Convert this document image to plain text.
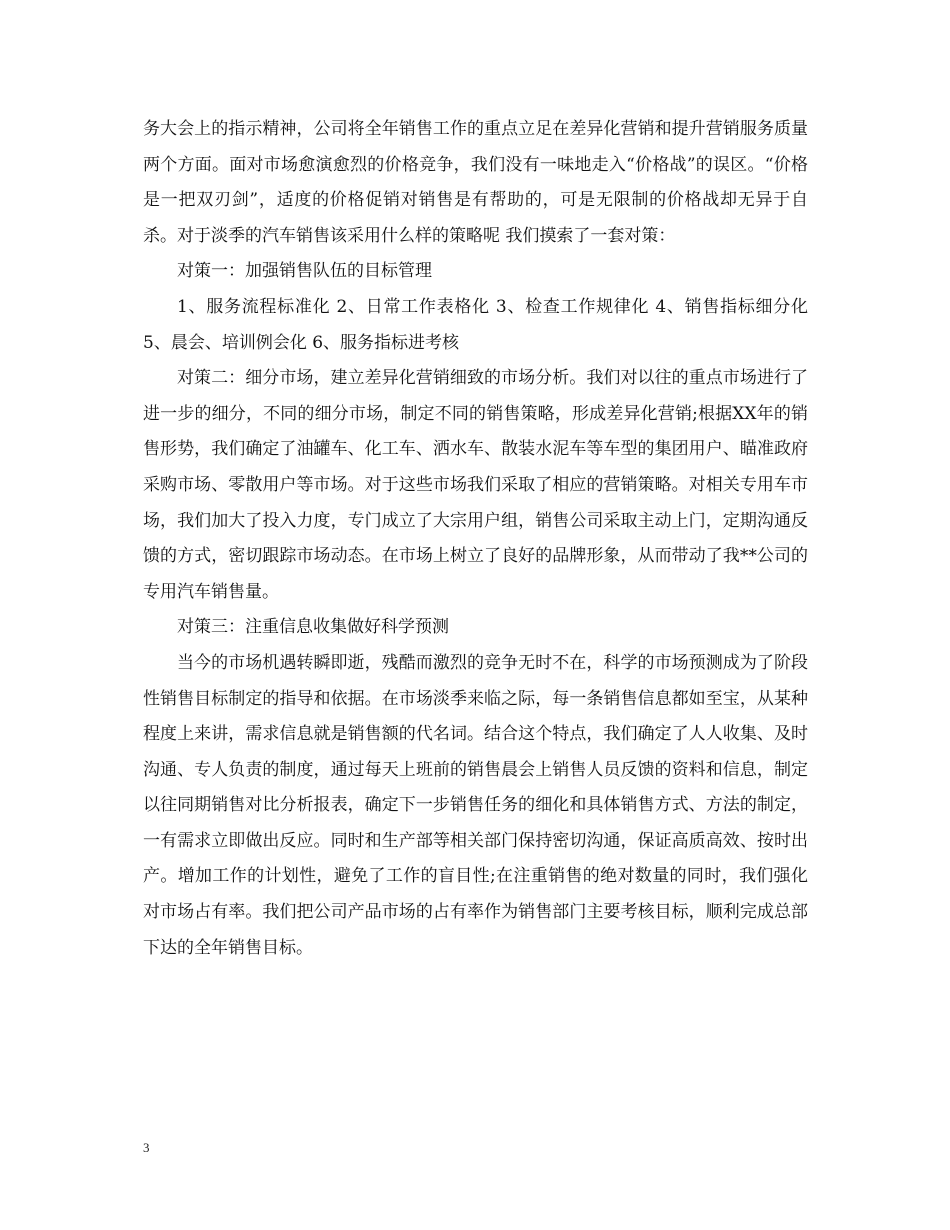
务大会上的指示精神，公司将全年销售工作的重点立足在差异化营销和提升营销服务质量两个方面。面对市场愈演愈烈的价格竞争，我们没有一味地走入“价格战”的误区。“价格是一把双刃剑”，适度的价格促销对销售是有帮助的，可是无限制的价格战却无异于自杀。对于淡季的汽车销售该采用什么样的策略呢 我们摸索了一套对策：

对策一：加强销售队伍的目标管理

1、服务流程标准化 2、日常工作表格化 3、检查工作规律化 4、销售指标细分化 5、晨会、培训例会化 6、服务指标进考核

对策二：细分市场，建立差异化营销细致的市场分析。我们对以往的重点市场进行了进一步的细分，不同的细分市场，制定不同的销售策略，形成差异化营销;根据XX年的销售形势，我们确定了油罐车、化工车、洒水车、散装水泥车等车型的集团用户、瞄准政府采购市场、零散用户等市场。对于这些市场我们采取了相应的营销策略。对相关专用车市场，我们加大了投入力度，专门成立了大宗用户组，销售公司采取主动上门，定期沟通反馈的方式，密切跟踪市场动态。在市场上树立了良好的品牌形象，从而带动了我**公司的专用汽车销售量。

对策三：注重信息收集做好科学预测

当今的市场机遇转瞬即逝，残酷而激烈的竞争无时不在，科学的市场预测成为了阶段性销售目标制定的指导和依据。在市场淡季来临之际，每一条销售信息都如至宝，从某种程度上来讲，需求信息就是销售额的代名词。结合这个特点，我们确定了人人收集、及时沟通、专人负责的制度，通过每天上班前的销售晨会上销售人员反馈的资料和信息，制定以往同期销售对比分析报表，确定下一步销售任务的细化和具体销售方式、方法的制定，一有需求立即做出反应。同时和生产部等相关部门保持密切沟通，保证高质高效、按时出产。增加工作的计划性，避免了工作的盲目性;在注重销售的绝对数量的同时，我们强化对市场占有率。我们把公司产品市场的占有率作为销售部门主要考核目标，顺利完成总部下达的全年销售目标。

3
